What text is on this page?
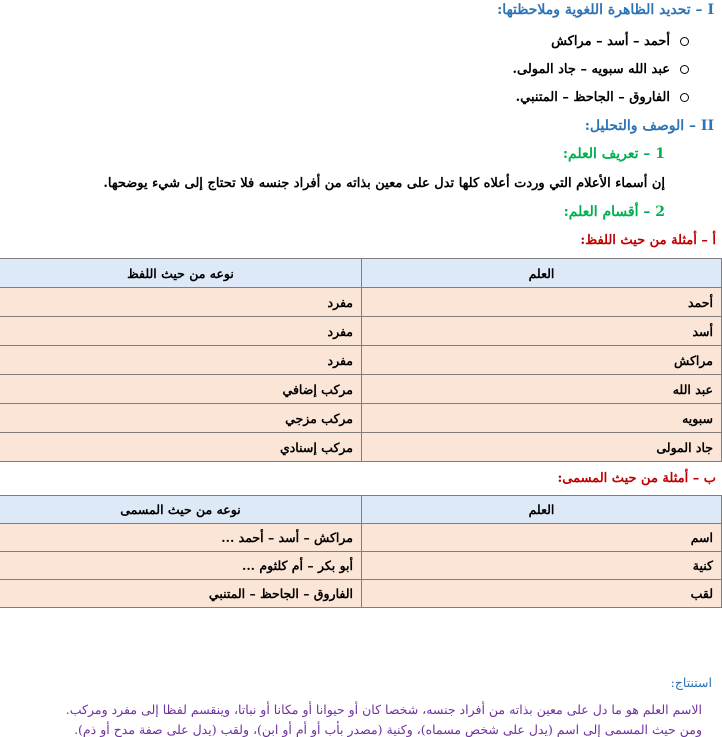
I – تحديد الظاهرة اللغوية وملاحظتها:
أحمد – أسد – مراكش
عبد الله سبويه – جاد المولى.
الفاروق – الجاحظ – المتنبي.
II – الوصف والتحليل:
1 – تعريف العلم:
إن أسماء الأعلام التي وردت أعلاه كلها تدل على معين بذاته من أفراد جنسه فلا تحتاج إلى شيء يوضحها.
2 – أقسام العلم:
أ – أمثلة من حيث اللفظ:
العلم	نوعه من حيث اللفظ
أحمد	مفرد
أسد	مفرد
مراكش	مفرد
عبد الله	مركب إضافي
سبويه	مركب مزجي
جاد المولى	مركب إسنادي
ب – أمثلة من حيث المسمى:
العلم	نوعه من حيث المسمى
اسم	مراكش – أسد – أحمد ...
كنية	أبو بكر – أم كلثوم ...
لقب	الفاروق – الجاحظ – المتنبي
استنتاج:
الاسم العلم هو ما دل على معين بذاته من أفراد جنسه، شخصا كان أو حيوانا أو مكانا أو نباتا، وينقسم لفظا إلى مفرد ومركب.
ومن حيث المسمى إلى اسم (يدل على شخص مسماه)، وكنية (مصدر بأب أو أم أو ابن)، ولقب (يدل على صفة مدح أو ذم).
